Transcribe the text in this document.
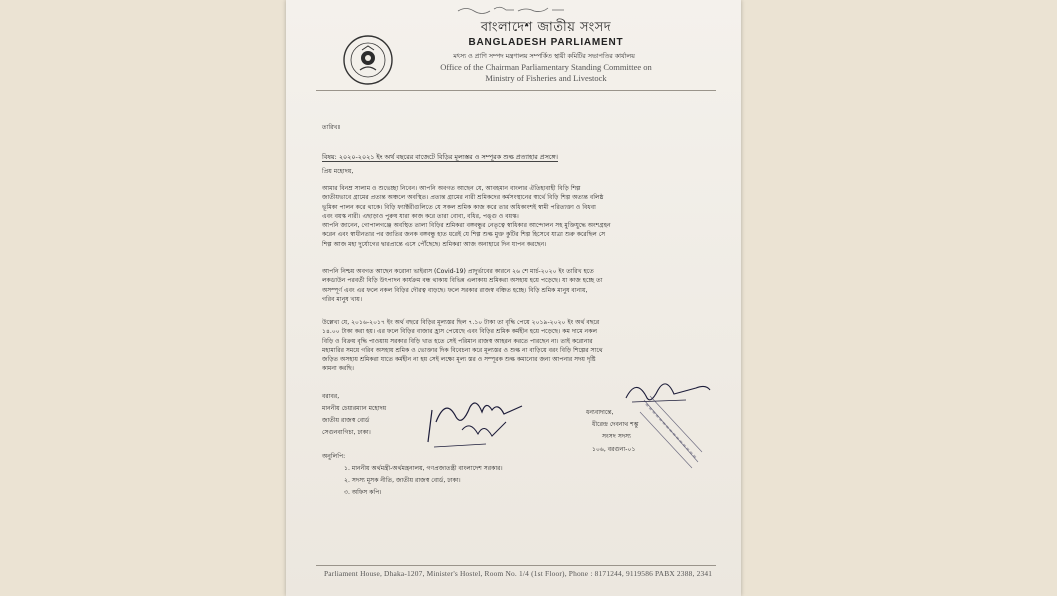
বাংলাদেশ জাতীয় সংসদ
BANGLADESH PARLIAMENT
মৎস্য ও প্রাণি সম্পদ মন্ত্রণালয় সম্পর্কিত স্থায়ী কমিটির সভাপতির কার্যালয়
Office of the Chairman Parliamentary Standing Committee on
Ministry of Fisheries and Livestock
তারিখঃ
বিষয়: ২০২০-২০২১ ইং অর্থ বছরের বাজেটে বিড়ির মূল্যস্তর ও সম্পূরক শুল্ক প্রত্যাহার প্রসঙ্গে।
প্রিয় মহোদয়,
আমার বিনম্র সালাম ও শুভেচ্ছা নিবেন। আপনি অবগত আছেন যে, আবহমান বাংলার ঐতিহ্যবাহী বিড়ি শিল্প
জাতীয়ভাবে গ্রামের প্রত্যন্ত অঞ্চলে অবস্থিত। প্রত্যন্ত গ্রামের নারী শ্রমিকদের কর্মসংস্থানের স্বার্থে বিড়ি শিল্প অত্যন্ত বলিষ্ঠ
ভূমিকা পালন করে থাকে। বিড়ি ফ্যাক্টরীগুলিতে যে সকল শ্রমিক কাজ করে তার অধিকাংশই স্বামী পরিত্যক্তা ও বিধবা
এবং বয়স্ক নারী। এছাড়াও পুরুষ যারা কাজ করে তারা বোবা, বধির, পঙ্গু ও বয়স্ক।
আপনি জানেন, গোপালগঞ্জে অবস্থিত তালা বিড়ির শ্রমিকরা বঙ্গবন্ধুর নেতৃত্বে স্বাধিকার আন্দোলন সহ মুক্তিযুদ্ধে অংশগ্রহন
করেন এবং স্বাধীনতার পর জাতির জনক বঙ্গবন্ধু হাত ধরেই যে শিল্প শুল্ক মুক্ত কুটির শিল্প হিসেবে যাত্রা শুরু করেছিল সে
শিল্প আজ মহা দুর্যোগের দ্বারপ্রান্তে এসে পৌঁছেছে। শ্রমিকরা আজ অনাহারে দিন যাপন করছেন।
আপনি নিশ্চয় অবগত আছেন করোনা ভাইরাস (Covid-19) প্রাদুর্ভাবের কারনে ২৬ শে মার্চ-২০২০ ইং তারিখ হতে
লকডাউন পরবর্তী বিড়ি উৎপাদন কার্যক্রম বন্ধ থাকায় বিভিন্ন এলাকায় শ্রমিকরা অসহায় হয়ে পড়েছে। যা কাজ হচ্ছে তা
অসম্পূর্ণ এবং এর ফলে নকল বিড়ির দৌরত্ব বাড়ছে। ফলে সরকার রাজস্ব বঞ্চিত হচ্ছে। বিড়ি শ্রমিক মানুষ বানায়,
গরিব মানুষ খায়।
উল্লেখ্য যে, ২০১৬-২০১৭ ইং অর্থ বছরে বিড়ির মূল্যস্তর ছিল ৭.১০ টাকা তা বৃদ্ধি পেয়ে ২০১৯-২০২০ ইং অর্থ বছরে
১৪.০০ টাকা করা হয়। এর ফলে বিড়ির বাজার হ্রাস পেয়েছে এবং বিড়ির শ্রমিক কর্মহীন হয়ে পড়েছে। কম দামে নকল
বিড়ি ও বিক্রয় বৃদ্ধি পাওয়ায় সরকার বিড়ি খাত হতে সেই পরিমান রাজস্ব আহরন করতে পারছেন না। তাই করোনার
মহামারির সময়ে গরিব অসহায় শ্রমিক ও ভোক্তার দিক বিবেচনা করে মূল্যস্তর ও শুল্ক না বাড়িয়ে বরং বিড়ি শিল্পের সাথে
জড়িত অসহায় শ্রমিকরা যাতে কর্মহীন না হয় সেই লক্ষ্যে মূল্য স্তর ও সম্পূরক শুল্ক কমানোর জন্য আপনার সদয় দৃষ্টি
কামনা করছি।
বরাবর,
মাননীয় চেয়ারম্যান মহোদয়
জাতীয় রাজস্ব বোর্ড
সেগুনবাগিচা, ঢাকা।
ধন্যবাদান্তে,
ধীরেন্দ্র দেবনাথ শম্ভু
সংসদ সদস্য
১০৬, বরগুনা-০১
অনুলিপি:
১. মাননীয় অর্থমন্ত্রী-অর্থমন্ত্রনালয়, গণপ্রজাতন্ত্রী বাংলাদেশ সরকার।
২. সদস্য মূসক নীতি, জাতীয় রাজস্ব বোর্ড, ঢাকা।
৩. অফিস কপি।
Parliament House, Dhaka-1207, Minister's Hostel, Room No. 1/4 (1st Floor), Phone : 8171244, 9119586 PABX 2388, 2341
